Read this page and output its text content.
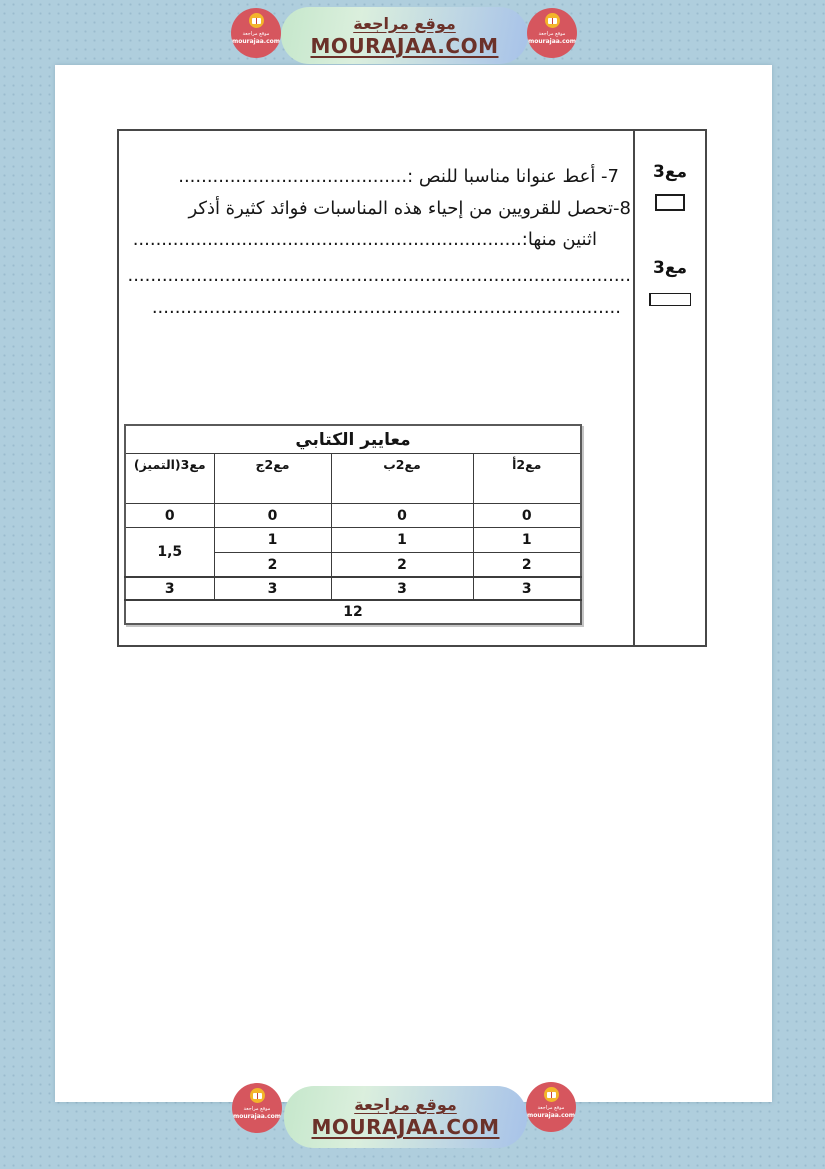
موقع مراجعة
MOURAJAA.COM
موقع مراجعة
mourajaa.com
موقع مراجعة
mourajaa.com
7- أعط عنوانا مناسبا للنص :........................................
8-تحصل للقرويين من إحياء هذه المناسبات فوائد كثيرة أذكر
اثنين منها:....................................................................
........................................................................................
..................................................................................
مع3
مع3
معايير الكتابي			
مع2أ	مع2ب	مع2ج	مع3(التميز)
0	0	0	0
1	1	1	1,5
2	2	2	
3	3	3	3
12			
موقع مراجعة
MOURAJAA.COM
موقع مراجعة
mourajaa.com
موقع مراجعة
mourajaa.com
